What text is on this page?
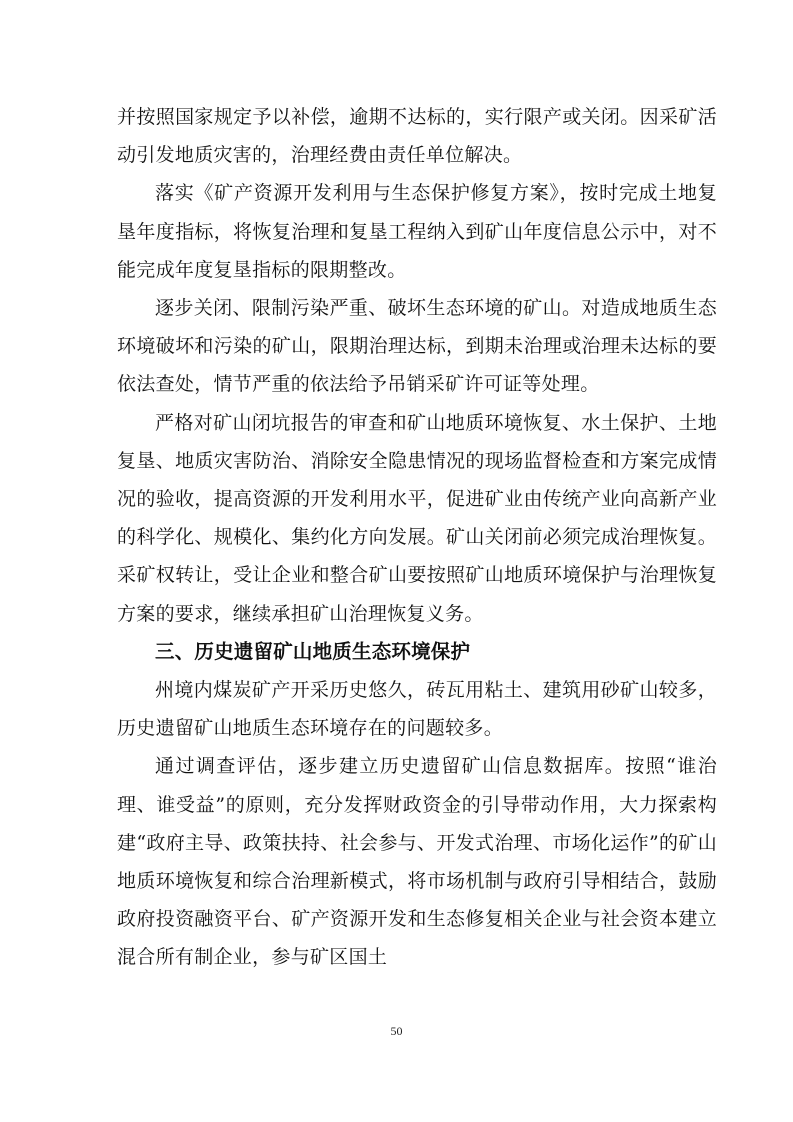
并按照国家规定予以补偿，逾期不达标的，实行限产或关闭。因采矿活动引发地质灾害的，治理经费由责任单位解决。

落实《矿产资源开发利用与生态保护修复方案》，按时完成土地复垦年度指标，将恢复治理和复垦工程纳入到矿山年度信息公示中，对不能完成年度复垦指标的限期整改。

逐步关闭、限制污染严重、破坏生态环境的矿山。对造成地质生态环境破坏和污染的矿山，限期治理达标，到期未治理或治理未达标的要依法查处，情节严重的依法给予吊销采矿许可证等处理。

严格对矿山闭坑报告的审查和矿山地质环境恢复、水土保护、土地复垦、地质灾害防治、消除安全隐患情况的现场监督检查和方案完成情况的验收，提高资源的开发利用水平，促进矿业由传统产业向高新产业的科学化、规模化、集约化方向发展。矿山关闭前必须完成治理恢复。采矿权转让，受让企业和整合矿山要按照矿山地质环境保护与治理恢复方案的要求，继续承担矿山治理恢复义务。

三、历史遗留矿山地质生态环境保护

州境内煤炭矿产开采历史悠久，砖瓦用粘土、建筑用砂矿山较多，历史遗留矿山地质生态环境存在的问题较多。

通过调查评估，逐步建立历史遗留矿山信息数据库。按照“谁治理、谁受益”的原则，充分发挥财政资金的引导带动作用，大力探索构建“政府主导、政策扶持、社会参与、开发式治理、市场化运作”的矿山地质环境恢复和综合治理新模式，将市场机制与政府引导相结合，鼓励政府投资融资平台、矿产资源开发和生态修复相关企业与社会资本建立混合所有制企业，参与矿区国土

50
